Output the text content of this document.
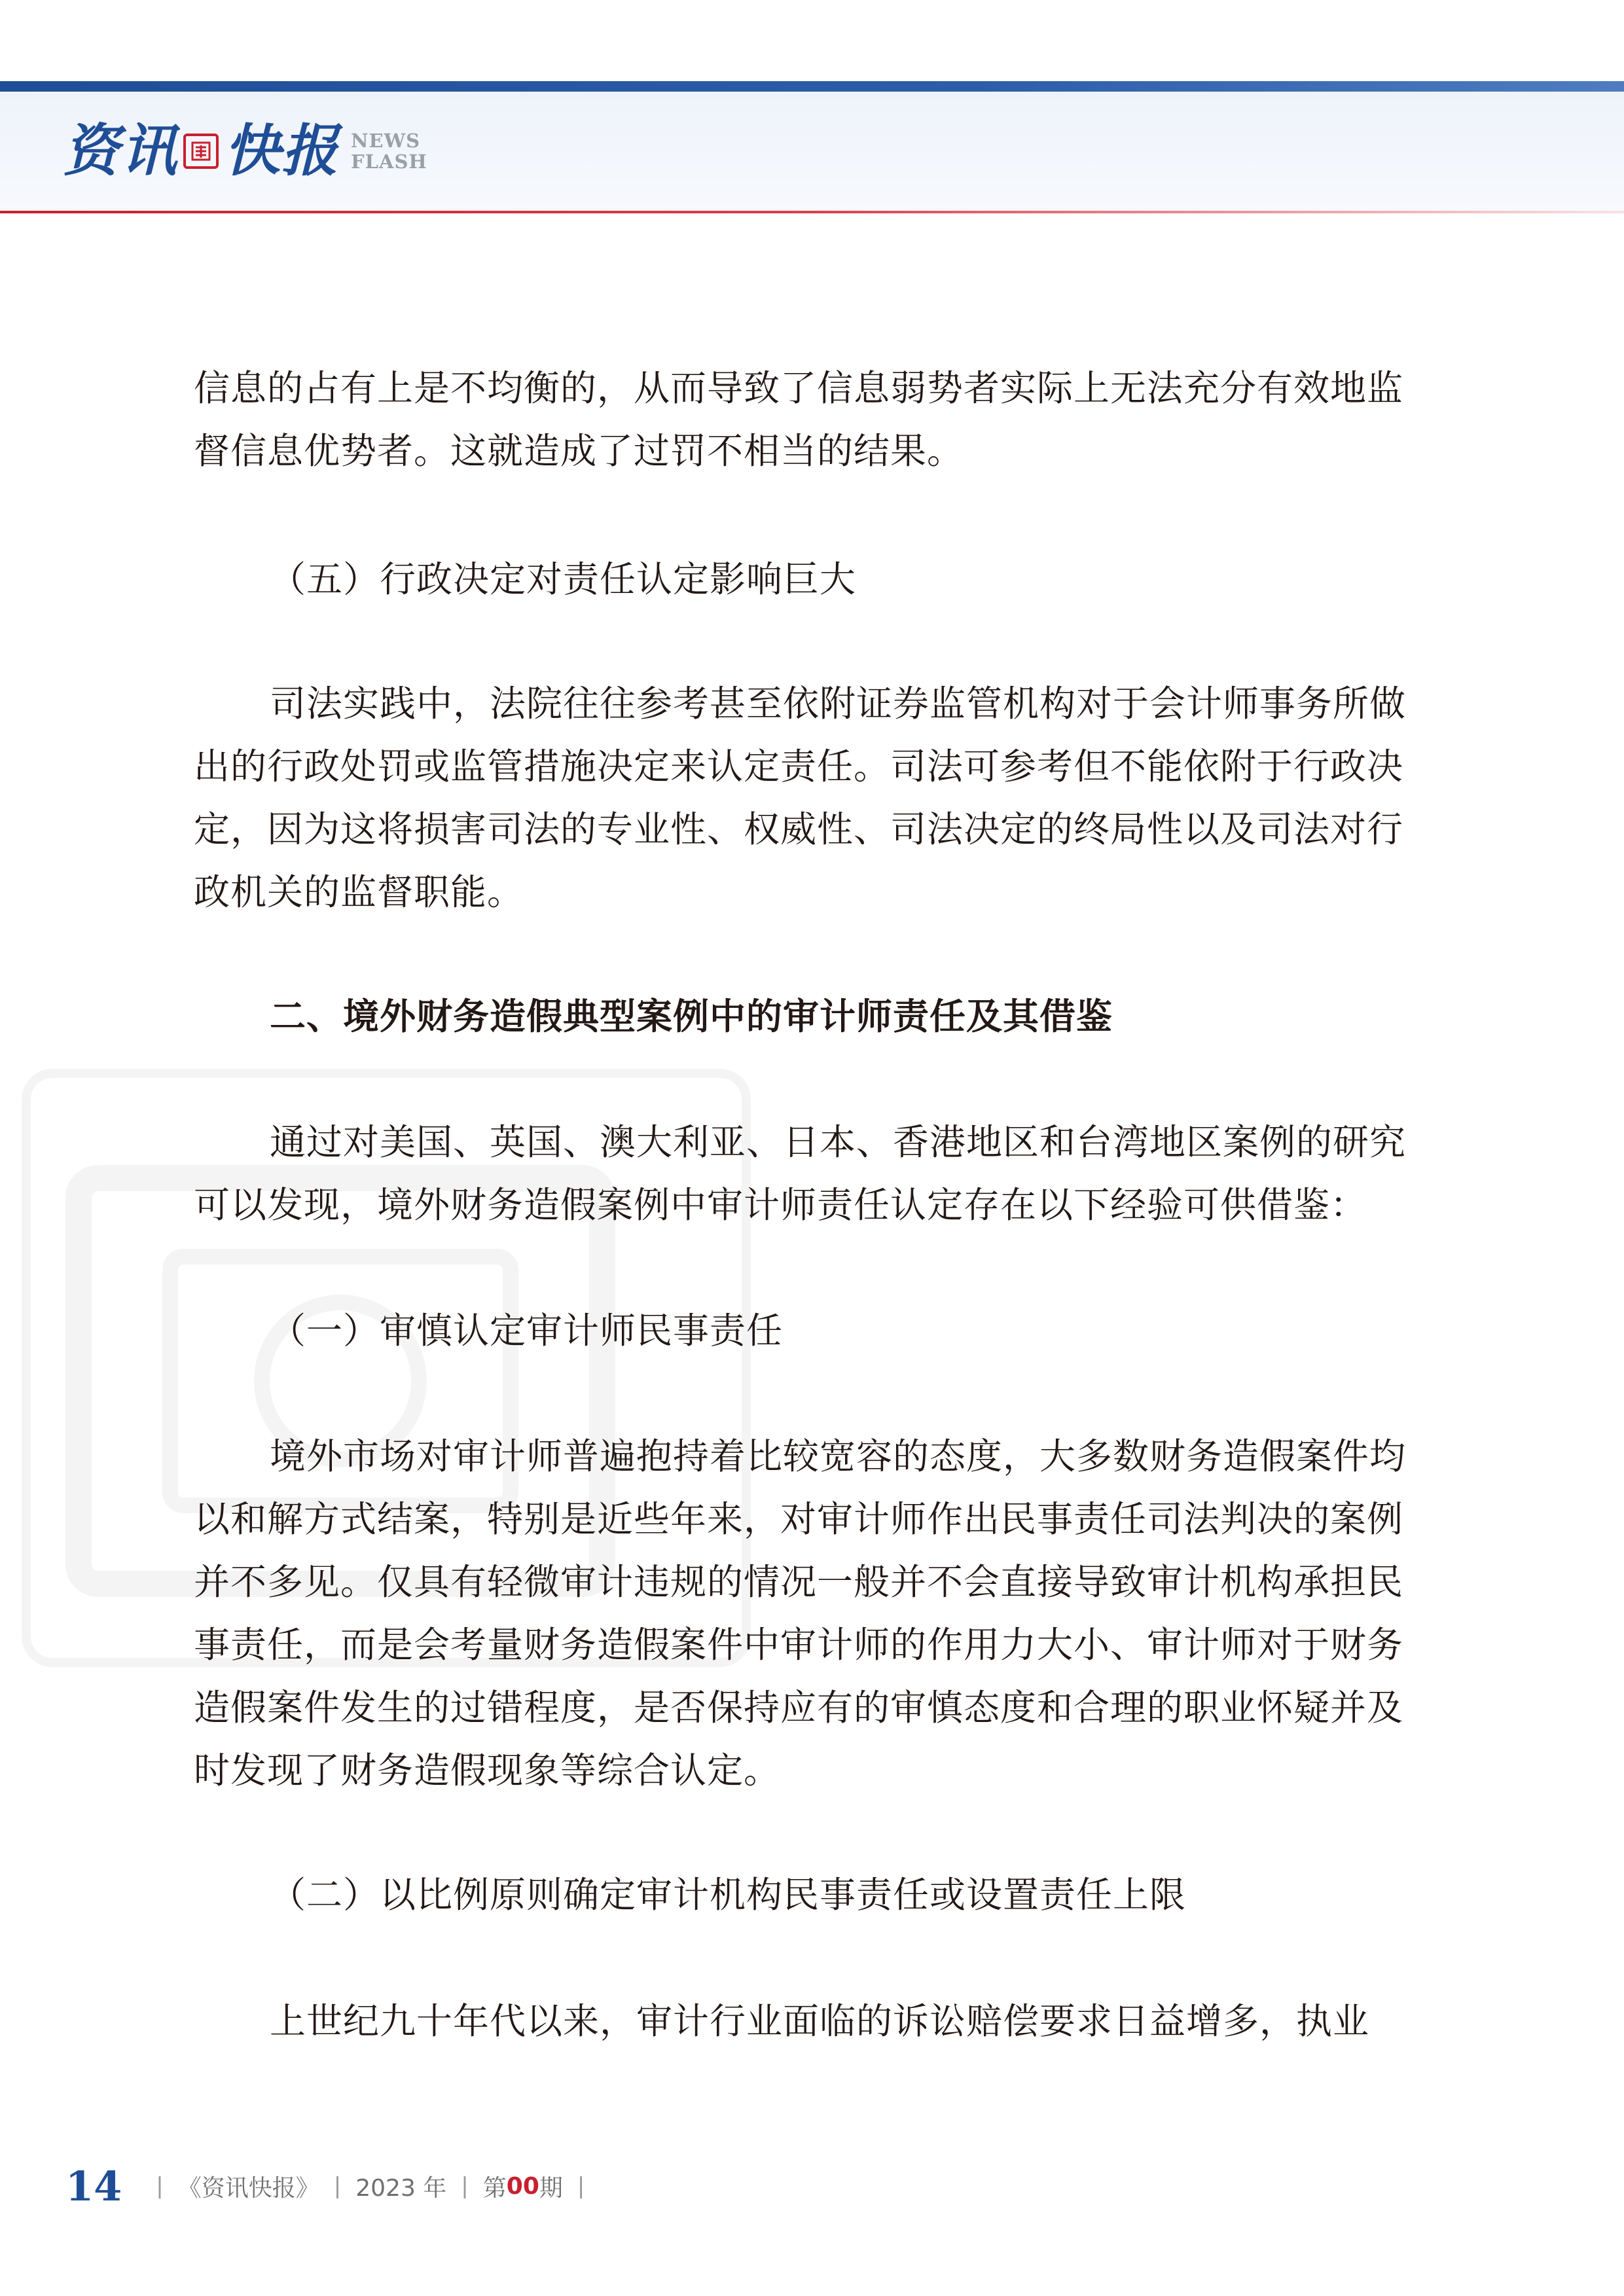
资讯 快报 NEWS
FLASH

信息的占有上是不均衡的，从而导致了信息弱势者实际上无法充分有效地监督信息优势者。这就造成了过罚不相当的结果。

（五）行政决定对责任认定影响巨大

司法实践中，法院往往参考甚至依附证券监管机构对于会计师事务所做出的行政处罚或监管措施决定来认定责任。司法可参考但不能依附于行政决定，因为这将损害司法的专业性、权威性、司法决定的终局性以及司法对行政机关的监督职能。

二、境外财务造假典型案例中的审计师责任及其借鉴

通过对美国、英国、澳大利亚、日本、香港地区和台湾地区案例的研究可以发现，境外财务造假案例中审计师责任认定存在以下经验可供借鉴：

（一）审慎认定审计师民事责任

境外市场对审计师普遍抱持着比较宽容的态度，大多数财务造假案件均以和解方式结案，特别是近些年来，对审计师作出民事责任司法判决的案例并不多见。仅具有轻微审计违规的情况一般并不会直接导致审计机构承担民事责任，而是会考量财务造假案件中审计师的作用力大小、审计师对于财务造假案件发生的过错程度，是否保持应有的审慎态度和合理的职业怀疑并及时发现了财务造假现象等综合认定。

（二）以比例原则确定审计机构民事责任或设置责任上限

上世纪九十年代以来，审计行业面临的诉讼赔偿要求日益增多，执业

14 | 《资讯快报》 | 2023 年 | 第 00 期 |
